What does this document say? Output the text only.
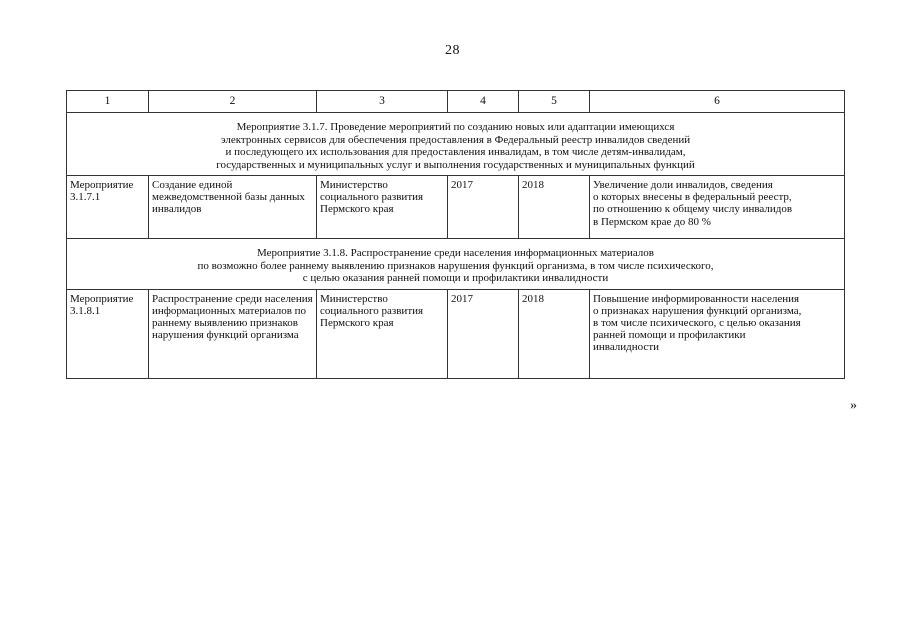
28
1	2	3	4	5	6

Мероприятие 3.1.7. Проведение мероприятий по созданию новых или адаптации имеющихся
электронных сервисов для обеспечения предоставления в Федеральный реестр инвалидов сведений
и последующего их использования для предоставления инвалидам, в том числе детям-инвалидам,
государственных и муниципальных услуг и выполнения государственных и муниципальных функций					

Мероприятие 3.1.7.1	Создание единой межведомственной базы данных инвалидов	Министерство социального развития Пермского края	2017	2018	Увеличение доли инвалидов, сведения
о которых внесены в федеральный реестр,
по отношению к общему числу инвалидов
в Пермском крае до 80 %

Мероприятие 3.1.8. Распространение среди населения информационных материалов
по возможно более раннему выявлению признаков нарушения функций организма, в том числе психического,
с целью оказания ранней помощи и профилактики инвалидности					

Мероприятие 3.1.8.1	Распространение среди населения информационных материалов по раннему выявлению признаков нарушения функций организма	Министерство социального развития Пермского края	2017	2018	Повышение информированности населения
о признаках нарушения функций организма,
в том числе психического, с целью оказания
ранней помощи и профилактики
инвалидности
»
